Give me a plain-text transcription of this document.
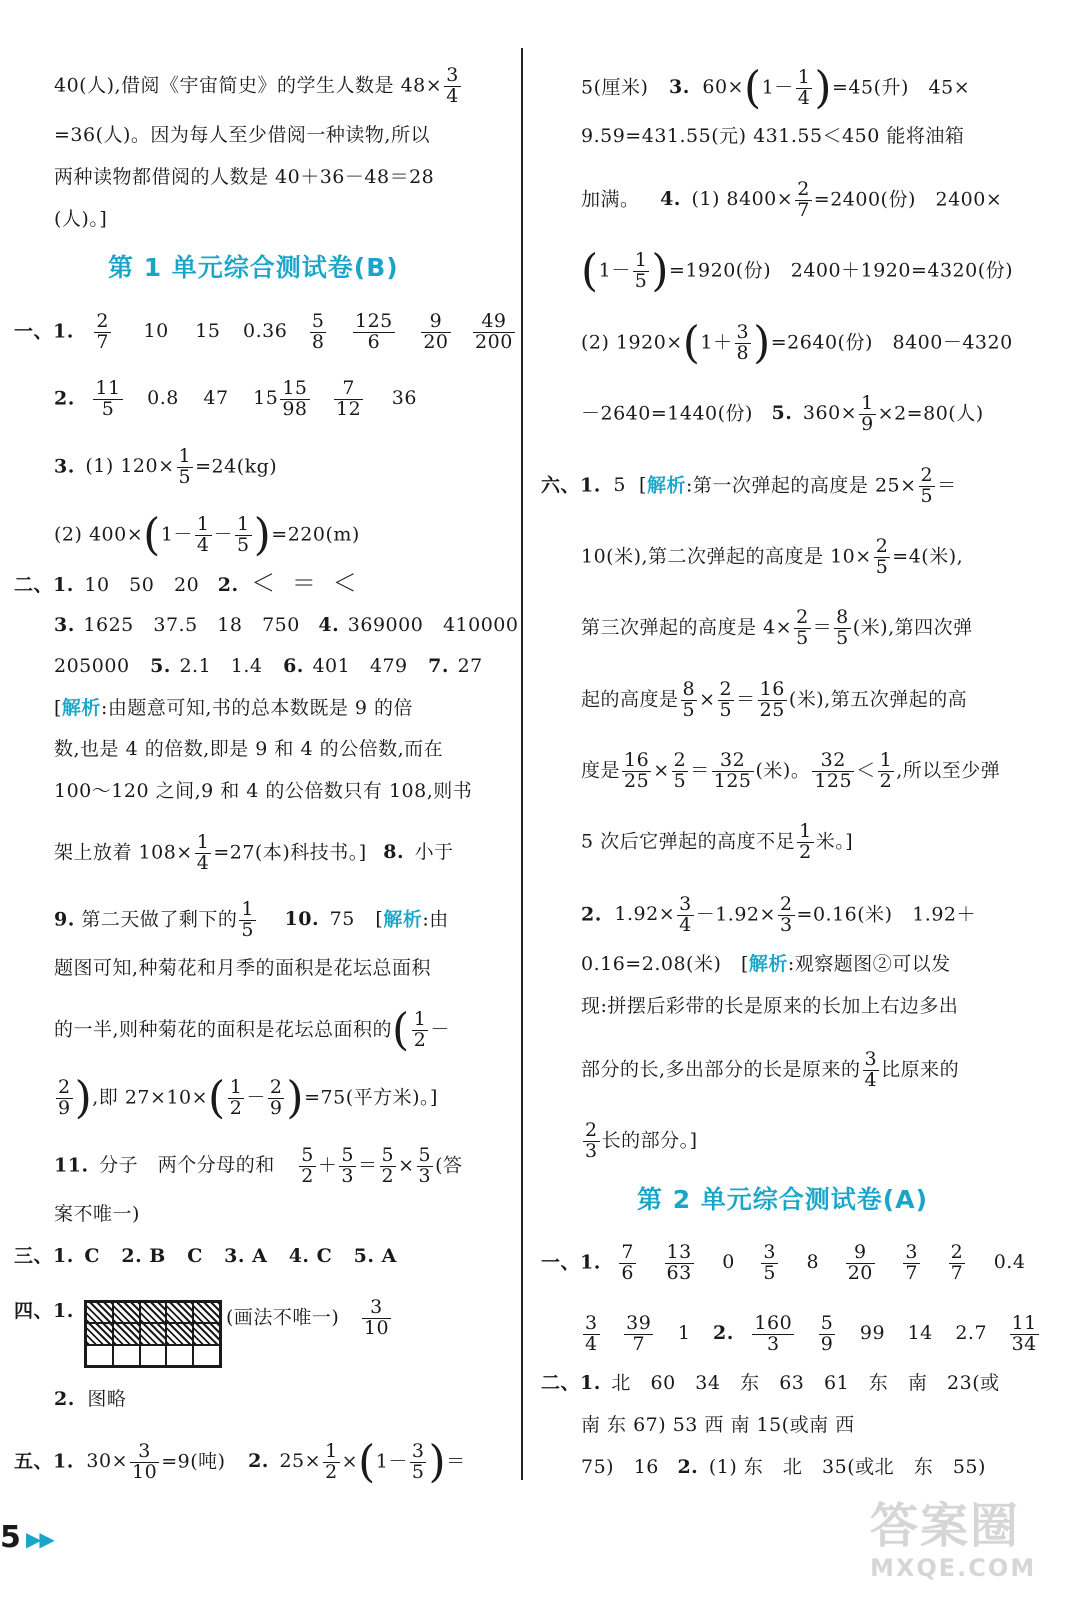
40(人),借阅《宇宙简史》的学生人数是 $48\times \frac{3}{4}$
=36(人)。因为每人至少借阅一种读物,所以
两种读物都借阅的人数是 40＋36－48＝28
(人)。]
第 1 单元综合测试卷(B)
一、1. $\frac{2}{7} 10$ 15 $0.36 \frac{5}{8}$
$\frac{125}{6}$
$\frac{9}{20}$
$\frac{49}{200}$
2. $\frac{11}{5} 0.8$ 47 $15 \frac{15}{98}$
$\frac{7}{12} 36$
3. (1) $120\times \frac{1}{5} =24(kg)$
(2) $400\times(1- \frac{1}{4} - \frac{1}{5} )=220(m)$
二、1. 10   50   20 2. ＜  ＝  ＜
3. 1625   37.5   18   750 4. 369000   410000
205000 5. 2.1   1.4 6. 401   479 7. 27
[解析:由题意可知,书的总本数既是 9 的倍
数,也是 4 的倍数,即是 9 和 4 的公倍数,而在
100～120 之间,9 和 4 的公倍数只有 108,则书
架上放着 $108\times \frac{1}{4} =27$(本)科技书。] 8. 小于
9. 第二天做了剩下的 $\frac{1}{5} 10$. 75 [解析:由
题图可知,种菊花和月季的面积是花坛总面积
的一半,则种菊花的面积是花坛总面积的( $\frac{1}{2}$ －
$\frac{2}{9}$ ),即 $27\times 10\times( \frac{1}{2} - \frac{2}{9} )=75$(平方米)。]
11. 分子   两个分母的和 $\frac{5}{2} + \frac{5}{3} = \frac{5}{2} \times \frac{5}{3}$ (答
案不唯一)
三、1. C   2. B   C   3. A   4. C   5. A
四、1.	(画法不唯一) $\frac{3}{10}$
2. 图略
五、1. $30\times \frac{3}{10} =9$(吨) 2. $25\times \frac{1}{2} \times(1- \frac{3}{5}$ )＝
5(厘米) 3. $60\times(1- \frac{1}{4} )=45$(升)   45×
9.59=431.55(元) 431.55＜450 能将油箱
加满。 4. (1) $8400\times \frac{2}{7} =2400$(份)   2400×
$(1- \frac{1}{5} )=1920$(份)   2400＋1920=4320(份)
(2) $1920\times(1+ \frac{3}{8} )=2640$(份)   8400－4320
－2640=1440(份) 5. $360\times \frac{1}{9} \times 2=80$(人)
六、1. 5  [解析:第一次弹起的高度是 $25\times \frac{2}{5}$ ＝
10(米),第二次弹起的高度是 $10\times \frac{2}{5} =4$(米),
第三次弹起的高度是 $4\times \frac{2}{5} = \frac{8}{5}$ (米),第四次弹
起的高度是 $\frac{8}{5} \times \frac{2}{5} = \frac{16}{25}$ (米),第五次弹起的高
度是 $\frac{16}{25} \times \frac{2}{5} = \frac{32}{125}$ (米)。 $\frac{32}{125} < \frac{1}{2}$ ,所以至少弹
5 次后它弹起的高度不足 $\frac{1}{2}$ 米。]
2. $1.92\times \frac{3}{4} -1.92\times \frac{2}{3} =0.16$(米)   1.92＋
0.16=2.08(米)   [解析:观察题图②可以发
现:拼摆后彩带的长是原来的长加上右边多出
部分的长,多出部分的长是原来的 $\frac{3}{4}$ 比原来的
$\frac{2}{3}$ 长的部分。]
第 2 单元综合测试卷(A)
一、1. $\frac{7}{6}$
$\frac{13}{63} 0 \frac{3}{5} 8 \frac{9}{20}$
$\frac{3}{7}$
$\frac{2}{7} 0.4$
$\frac{3}{4}$
$\frac{39}{7} 1$ 2. $\frac{160}{3}$
$\frac{5}{9} 99$ 14 $2.7 \frac{11}{34}$
二、1. 北   60   34   东   63   61   东   南   23(或
南 东 67) 53 西 南 15(或南 西
75)   16 2. (1) 东   北   35(或北   东   55)
5 ▶▶	答案圈
MXQE.COM
